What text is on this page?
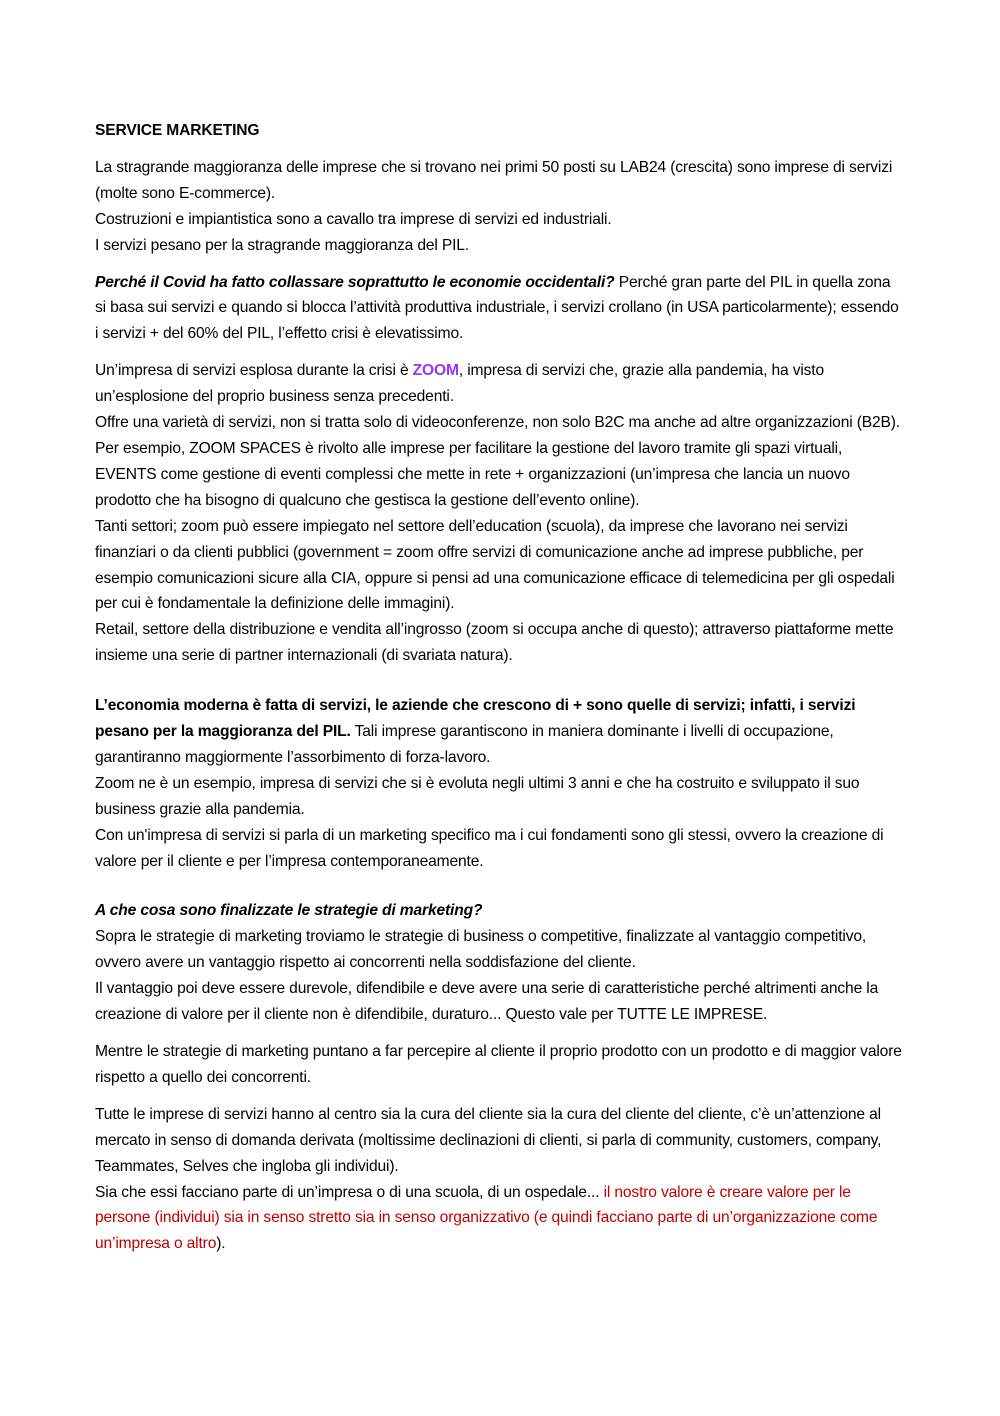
SERVICE MARKETING

La stragrande maggioranza delle imprese che si trovano nei primi 50 posti su LAB24 (crescita) sono imprese di servizi (molte sono E-commerce).

Costruzioni e impiantistica sono a cavallo tra imprese di servizi ed industriali.

I servizi pesano per la stragrande maggioranza del PIL.

Perché il Covid ha fatto collassare soprattutto le economie occidentali? Perché gran parte del PIL in quella zona si basa sui servizi e quando si blocca l’attività produttiva industriale, i servizi crollano (in USA particolarmente); essendo i servizi + del 60% del PIL, l’effetto crisi è elevatissimo.

Un’impresa di servizi esplosa durante la crisi è ZOOM, impresa di servizi che, grazie alla pandemia, ha visto un’esplosione del proprio business senza precedenti.

Offre una varietà di servizi, non si tratta solo di videoconferenze, non solo B2C ma anche ad altre organizzazioni (B2B).

Per esempio, ZOOM SPACES è rivolto alle imprese per facilitare la gestione del lavoro tramite gli spazi virtuali, EVENTS come gestione di eventi complessi che mette in rete + organizzazioni (un’impresa che lancia un nuovo prodotto che ha bisogno di qualcuno che gestisca la gestione dell’evento online).

Tanti settori; zoom può essere impiegato nel settore dell’education (scuola), da imprese che lavorano nei servizi finanziari o da clienti pubblici (government = zoom offre servizi di comunicazione anche ad imprese pubbliche, per esempio comunicazioni sicure alla CIA, oppure si pensi ad una comunicazione efficace di telemedicina per gli ospedali per cui è fondamentale la definizione delle immagini).

Retail, settore della distribuzione e vendita all’ingrosso (zoom si occupa anche di questo); attraverso piattaforme mette insieme una serie di partner internazionali (di svariata natura).

L’economia moderna è fatta di servizi, le aziende che crescono di + sono quelle di servizi; infatti, i servizi pesano per la maggioranza del PIL. Tali imprese garantiscono in maniera dominante i livelli di occupazione, garantiranno maggiormente l’assorbimento di forza-lavoro.

Zoom ne è un esempio, impresa di servizi che si è evoluta negli ultimi 3 anni e che ha costruito e sviluppato il suo business grazie alla pandemia.

Con un'impresa di servizi si parla di un marketing specifico ma i cui fondamenti sono gli stessi, ovvero la creazione di valore per il cliente e per l’impresa contemporaneamente.

A che cosa sono finalizzate le strategie di marketing?

Sopra le strategie di marketing troviamo le strategie di business o competitive, finalizzate al vantaggio competitivo, ovvero avere un vantaggio rispetto ai concorrenti nella soddisfazione del cliente.

Il vantaggio poi deve essere durevole, difendibile e deve avere una serie di caratteristiche perché altrimenti anche la creazione di valore per il cliente non è difendibile, duraturo... Questo vale per TUTTE LE IMPRESE.

Mentre le strategie di marketing puntano a far percepire al cliente il proprio prodotto con un prodotto e di maggior valore rispetto a quello dei concorrenti.

Tutte le imprese di servizi hanno al centro sia la cura del cliente sia la cura del cliente del cliente, c’è un’attenzione al mercato in senso di domanda derivata (moltissime declinazioni di clienti, si parla di community, customers, company, Teammates, Selves che ingloba gli individui).

Sia che essi facciano parte di un’impresa o di una scuola, di un ospedale... il nostro valore è creare valore per le persone (individui) sia in senso stretto sia in senso organizzativo (e quindi facciano parte di un’organizzazione come un’impresa o altro).
